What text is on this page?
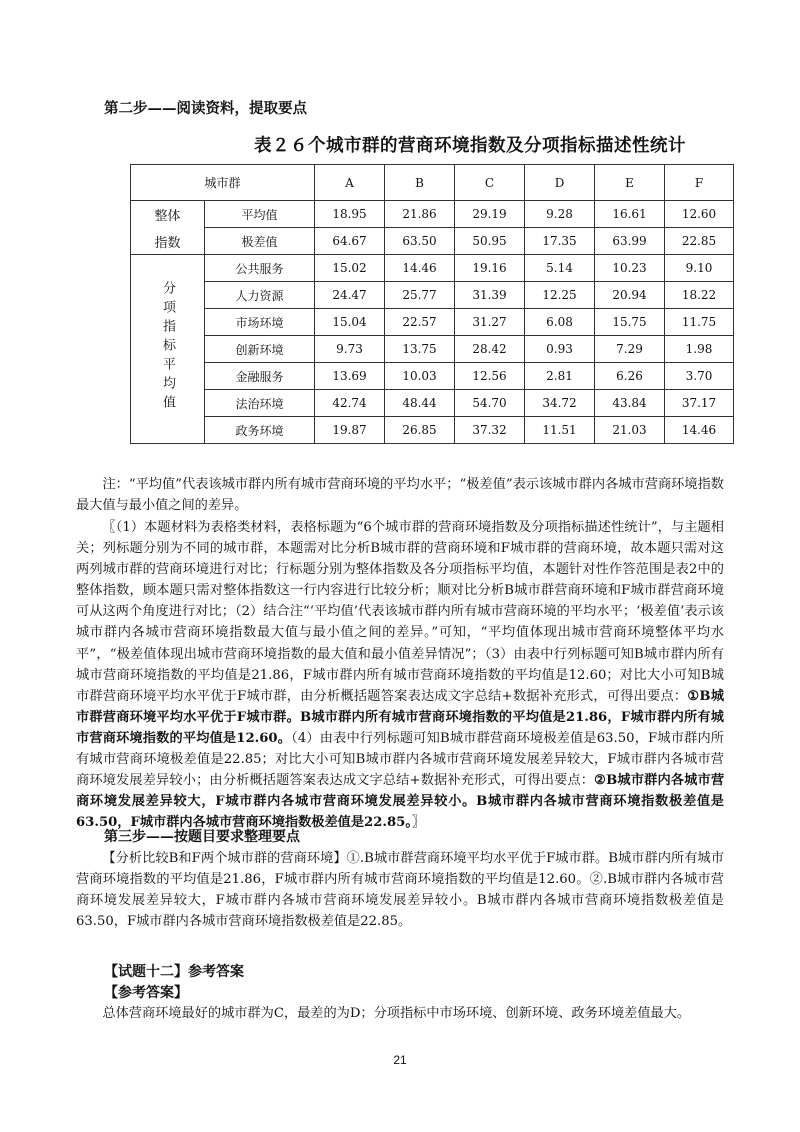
第二步——阅读资料，提取要点
表２６个城市群的营商环境指数及分项指标描述性统计
城市群		A	B	C	D	E	F

整体
指数	平均值	18.95	21.86	29.19	9.28	16.61	12.60
	极差值	64.67	63.50	50.95	17.35	63.99	22.85
分项指标平均值	公共服务	15.02	14.46	19.16	5.14	10.23	9.10
	人力资源	24.47	25.77	31.39	12.25	20.94	18.22
	市场环境	15.04	22.57	31.27	6.08	15.75	11.75
	创新环境	9.73	13.75	28.42	0.93	7.29	1.98
	金融服务	13.69	10.03	12.56	2.81	6.26	3.70
	法治环境	42.74	48.44	54.70	34.72	43.84	37.17
	政务环境	19.87	26.85	37.32	11.51	21.03	14.46

注：“平均值”代表该城市群内所有城市营商环境的平均水平；“极差值”表示该城市群内各城市营商环境指数最大值与最小值之间的差异。

〖（1）本题材料为表格类材料，表格标题为“6个城市群的营商环境指数及分项指标描述性统计”，与主题相关；列标题分别为不同的城市群，本题需对比分析B城市群的营商环境和F城市群的营商环境，故本题只需对这两列城市群的营商环境进行对比；行标题分别为整体指数及各分项指标平均值，本题针对性作答范围是表2中的整体指数，顾本题只需对整体指数这一行内容进行比较分析；顺对比分析B城市群营商环境和F城市群营商环境可从这两个角度进行对比；（2）结合注“‘平均值’代表该城市群内所有城市营商环境的平均水平；‘极差值’表示该城市群内各城市营商环境指数最大值与最小值之间的差异。”可知，“平均值体现出城市营商环境整体平均水平”，“极差值体现出城市营商环境指数的最大值和最小值差异情况”；（3）由表中行列标题可知B城市群内所有城市营商环境指数的平均值是21.86，F城市群内所有城市营商环境指数的平均值是12.60；对比大小可知B城市群营商环境平均水平优于F城市群，由分析概括题答案表达成文字总结+数据补充形式，可得出要点：①B城市群营商环境平均水平优于F城市群。B城市群内所有城市营商环境指数的平均值是21.86，F城市群内所有城市营商环境指数的平均值是12.60。（4）由表中行列标题可知B城市群营商环境极差值是63.50，F城市群内所有城市营商环境极差值是22.85；对比大小可知B城市群内各城市营商环境发展差异较大，F城市群内各城市营商环境发展差异较小；由分析概括题答案表达成文字总结+数据补充形式，可得出要点：②B城市群内各城市营商环境发展差异较大，F城市群内各城市营商环境发展差异较小。B城市群内各城市营商环境指数极差值是63.50，F城市群内各城市营商环境指数极差值是22.85。〗

第三步——按题目要求整理要点

【分析比较B和F两个城市群的营商环境】①.B城市群营商环境平均水平优于F城市群。B城市群内所有城市营商环境指数的平均值是21.86，F城市群内所有城市营商环境指数的平均值是12.60。②.B城市群内各城市营商环境发展差异较大，F城市群内各城市营商环境发展差异较小。B城市群内各城市营商环境指数极差值是63.50，F城市群内各城市营商环境指数极差值是22.85。

【试题十二】参考答案
【参考答案】

总体营商环境最好的城市群为C，最差的为D；分项指标中市场环境、创新环境、政务环境差值最大。

21
